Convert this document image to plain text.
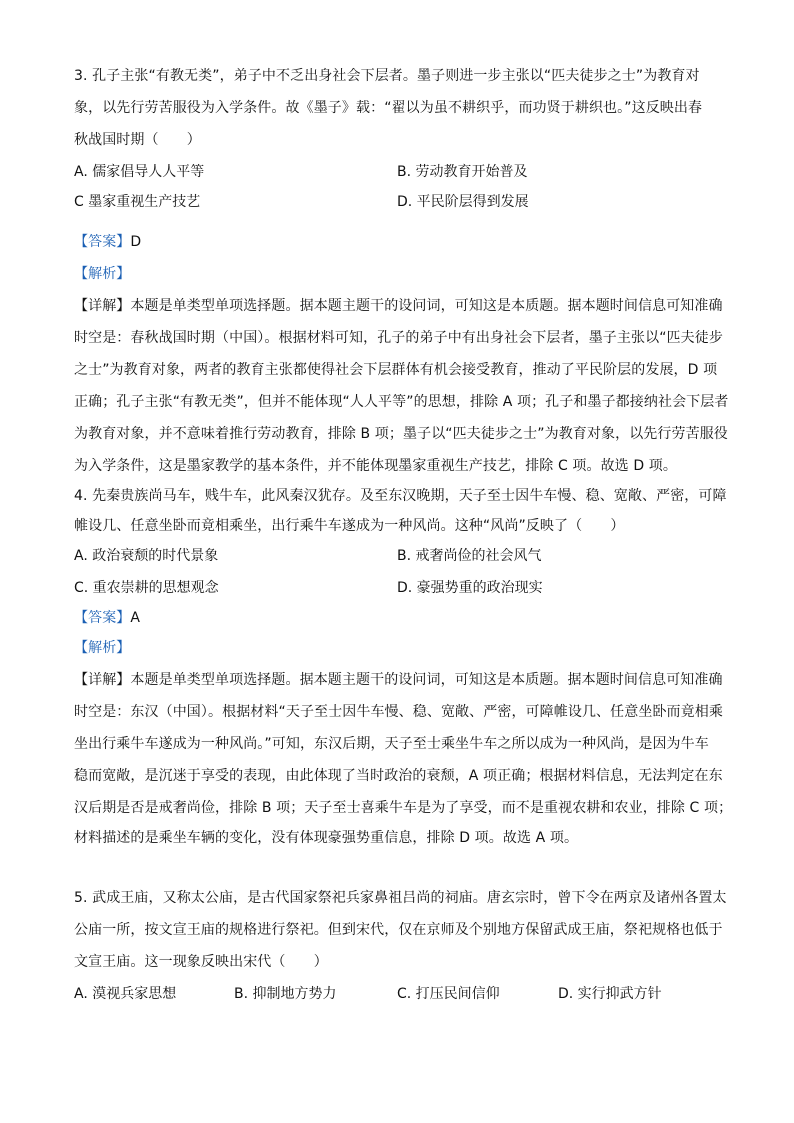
3. 孔子主张“有教无类”，弟子中不乏出身社会下层者。墨子则进一步主张以“匹夫徒步之士”为教育对
象，以先行劳苦服役为入学条件。故《墨子》载：“翟以为虽不耕织乎，而功贤于耕织也。”这反映出春
秋战国时期（　　）
A. 儒家倡导人人平等	B. 劳动教育开始普及
C 墨家重视生产技艺	D. 平民阶层得到发展
【答案】D
【解析】
【详解】本题是单类型单项选择题。据本题主题干的设问词，可知这是本质题。据本题时间信息可知准确
时空是：春秋战国时期（中国）。根据材料可知，孔子的弟子中有出身社会下层者，墨子主张以“匹夫徒步
之士”为教育对象，两者的教育主张都使得社会下层群体有机会接受教育，推动了平民阶层的发展，D 项
正确；孔子主张“有教无类”，但并不能体现“人人平等”的思想，排除 A 项；孔子和墨子都接纳社会下层者
为教育对象，并不意味着推行劳动教育，排除 B 项；墨子以“匹夫徒步之士”为教育对象，以先行劳苦服役
为入学条件，这是墨家教学的基本条件，并不能体现墨家重视生产技艺，排除 C 项。故选 D 项。
4. 先秦贵族尚马车，贱牛车，此风秦汉犹存。及至东汉晚期，天子至士因牛车慢、稳、宽敞、严密，可障
帷设几、任意坐卧而竟相乘坐，出行乘牛车遂成为一种风尚。这种“风尚”反映了（　　）
A. 政治衰颓的时代景象	B. 戒奢尚俭的社会风气
C. 重农崇耕的思想观念	D. 豪强势重的政治现实
【答案】A
【解析】
【详解】本题是单类型单项选择题。据本题主题干的设问词，可知这是本质题。据本题时间信息可知准确
时空是：东汉（中国）。根据材料“天子至士因牛车慢、稳、宽敞、严密，可障帷设几、任意坐卧而竟相乘
坐出行乘牛车遂成为一种风尚。”可知，东汉后期，天子至士乘坐牛车之所以成为一种风尚，是因为牛车
稳而宽敞，是沉迷于享受的表现，由此体现了当时政治的衰颓，A 项正确；根据材料信息，无法判定在东
汉后期是否是戒奢尚俭，排除 B 项；天子至士喜乘牛车是为了享受，而不是重视农耕和农业，排除 C 项；
材料描述的是乘坐车辆的变化，没有体现豪强势重信息，排除 D 项。故选 A 项。
5. 武成王庙，又称太公庙，是古代国家祭祀兵家鼻祖吕尚的祠庙。唐玄宗时，曾下令在两京及诸州各置太
公庙一所，按文宣王庙的规格进行祭祀。但到宋代，仅在京师及个别地方保留武成王庙，祭祀规格也低于
文宣王庙。这一现象反映出宋代（　　）
A. 漠视兵家思想	B. 抑制地方势力	C. 打压民间信仰	D. 实行抑武方针
